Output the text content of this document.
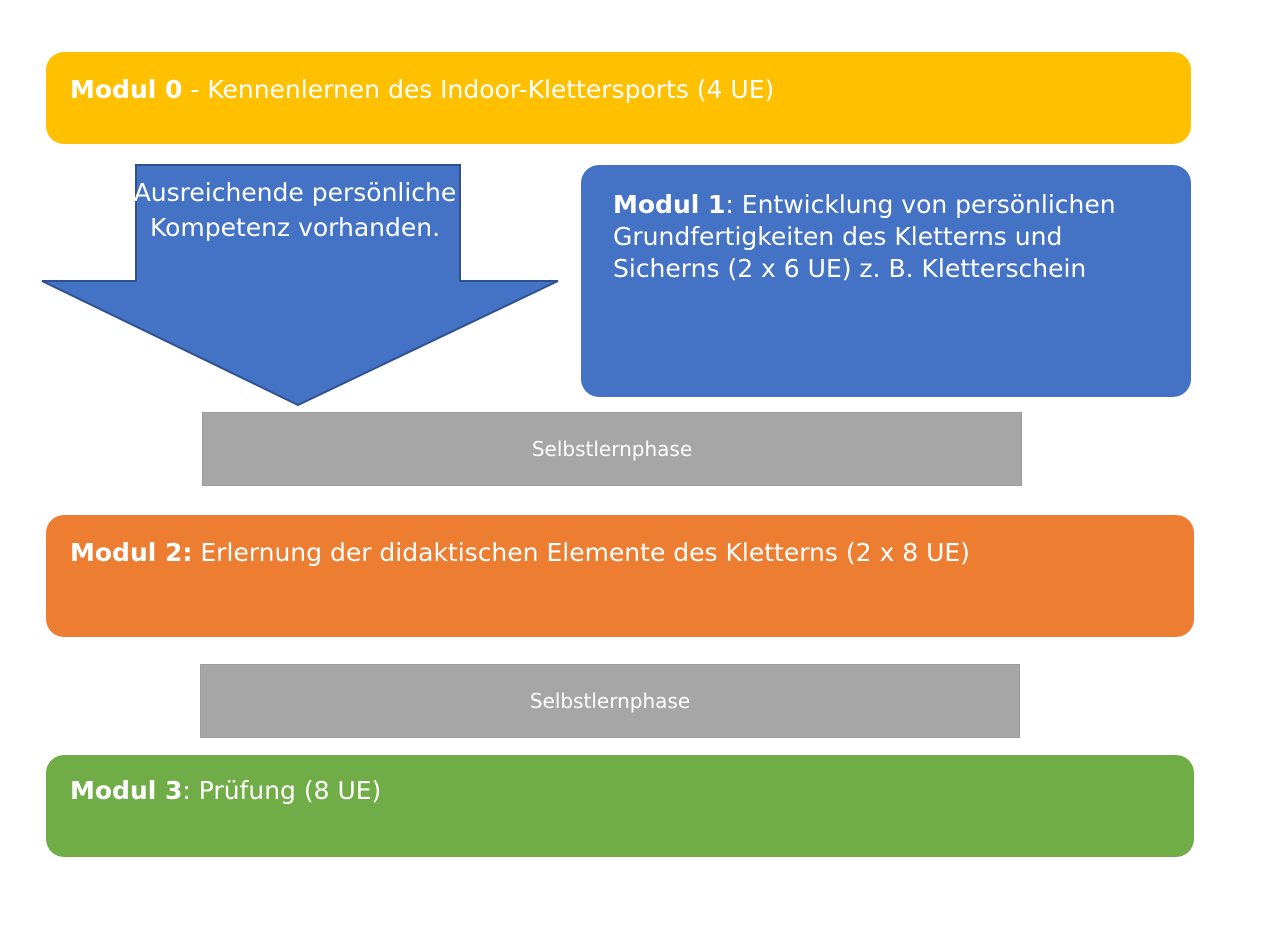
Modul 0 - Kennenlernen des Indoor-Klettersports (4 UE)
Ausreichende persönliche Kompetenz vorhanden.
Modul 1: Entwicklung von persönlichen Grundfertigkeiten des Kletterns und Sicherns (2 x 6 UE) z. B. Kletterschein
Selbstlernphase
Modul 2: Erlernung der didaktischen Elemente des Kletterns (2 x 8 UE)
Selbstlernphase
Modul 3: Prüfung (8 UE)
